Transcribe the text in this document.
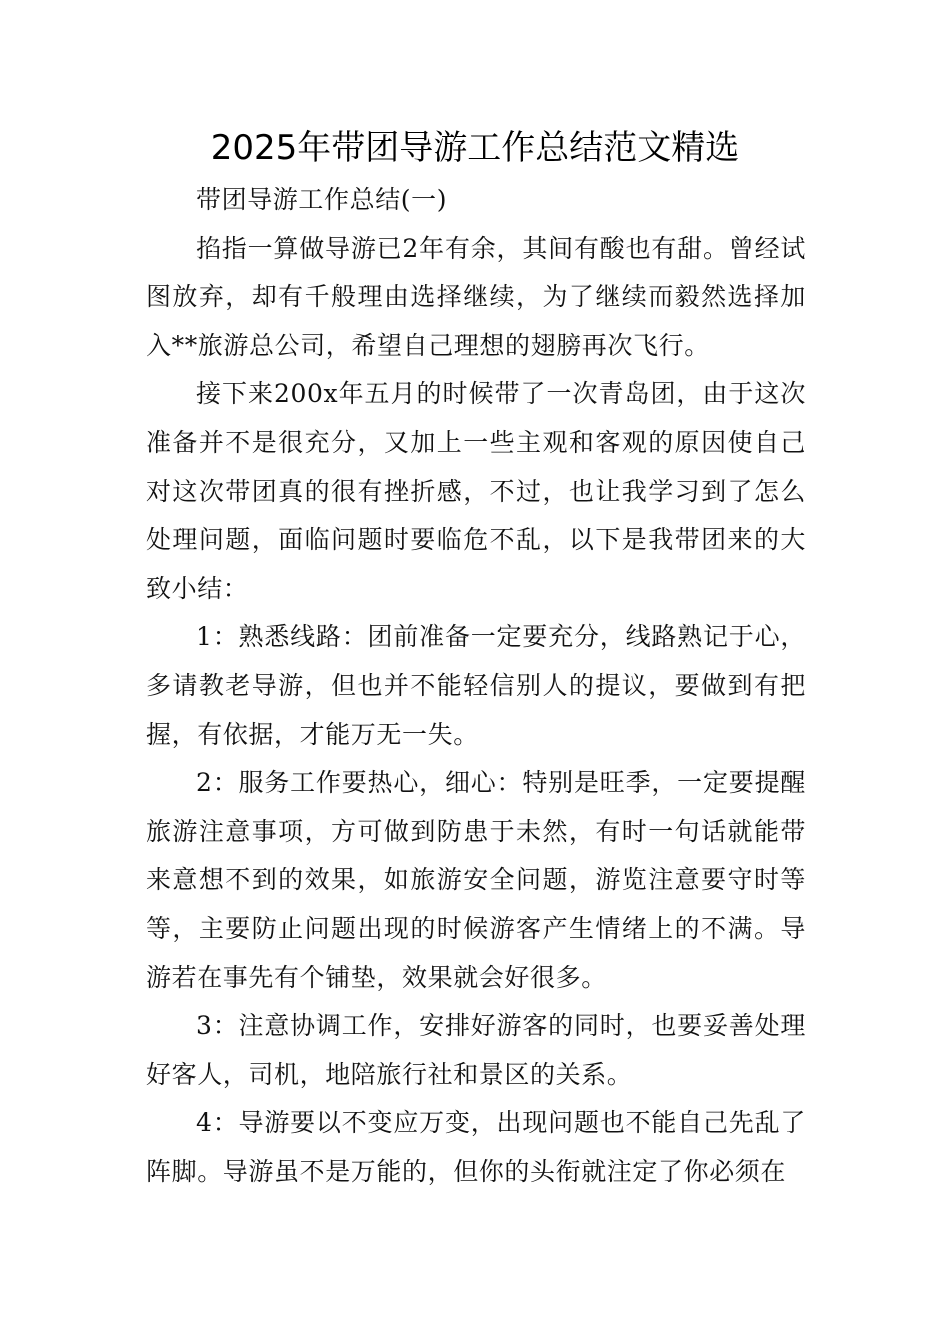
2025年带团导游工作总结范文精选

带团导游工作总结(一)

掐指一算做导游已2年有余，其间有酸也有甜。曾经试图放弃，却有千般理由选择继续，为了继续而毅然选择加入**旅游总公司，希望自己理想的翅膀再次飞行。

接下来200x年五月的时候带了一次青岛团，由于这次准备并不是很充分，又加上一些主观和客观的原因使自己对这次带团真的很有挫折感，不过，也让我学习到了怎么处理问题，面临问题时要临危不乱，以下是我带团来的大致小结：

1：熟悉线路：团前准备一定要充分，线路熟记于心，多请教老导游，但也并不能轻信别人的提议，要做到有把握，有依据，才能万无一失。

2：服务工作要热心，细心：特别是旺季，一定要提醒旅游注意事项，方可做到防患于未然，有时一句话就能带来意想不到的效果，如旅游安全问题，游览注意要守时等等，主要防止问题出现的时候游客产生情绪上的不满。导游若在事先有个铺垫，效果就会好很多。

3：注意协调工作，安排好游客的同时，也要妥善处理好客人，司机，地陪旅行社和景区的关系。

4：导游要以不变应万变，出现问题也不能自己先乱了阵脚。导游虽不是万能的，但你的头衔就注定了你必须在
